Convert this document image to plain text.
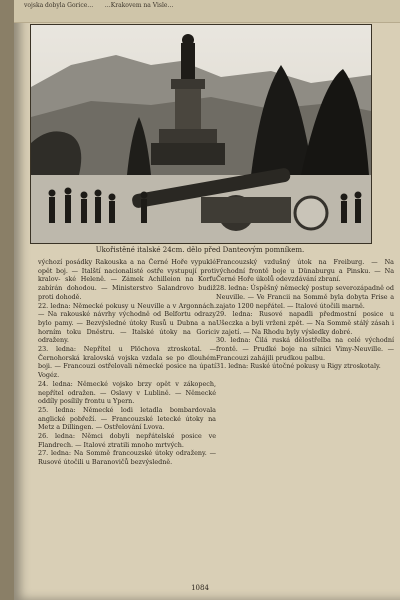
vojska dobyla Gorice… …Krakovem na Visle…
Ukořistěné italské 24cm. dělo před Danteovým pomníkem.

výchozí posádky Rakouska a na Černé Hoře vypuklé opět boj. — Italští nacionalisté ostře vystupují proti kralov- ské Heleně. — Zámek Achilleion na Korfu zabírán dohodou. — Ministerstvo Salandrovo budiž proti dohodě.

22. ledna: Německé pokusy u Neuville a v Argonnách. — Na rakouské návrhy východně od Belfortu odrazy bylo pamy. — Bezvýsledné útoky Rusů u Dubna a na horním toku Dněstru. — Italské útoky na Gorici odraženy.

23. ledna: Nepřítel u Plöchova ztroskotal. — Černohorská kralovská vojska vzdala se po dlouhém boji. — Francouzi ostřelovali německé posice na úpatí Vogéz.

24. ledna: Německé vojsko brzy opět v zákopech, nepřítel odražen. — Oslavy v Lublině. — Německé oddíly posílily frontu u Ypern.

25. ledna: Německé lodi letadla bombardovala anglické pobřeží. — Francouzské letecké útoky na Metz a Dillingen. — Ostřelování Lvova.

26. ledna: Němci dobyli nepřátelské posice ve Flandrech. — Italové ztratili mnoho mrtvých.

27. ledna: Na Sommě francouzské útoky odraženy. — Rusové útočili u Baranovičů bezvýsledně.

Francouzský vzdušný útok na Freiburg. — Na východní frontě boje u Dünaburgu a Pinsku. — Na Černé Hoře úkolů odevzdávání zbraní.

28. ledna: Úspěšný německý postup severozápadně od Neuville. — Ve Francii na Sommě byla dobyta Frise a zajato 1200 nepřátel. — Italové útočili marně.

29. ledna: Rusové napadli předmostní posice u Ušeczka a byli vrženi zpět. — Na Sommě stálý zásah i v zajetí. — Na Rhodu byly výsledky dobré.

30. ledna: Čilá ruská dělostřelba na celé východní frontě. — Prudké boje na silnici Vimy-Neuville. — Francouzi zahájili prudkou palbu.

31. ledna: Ruské útočné pokusy u Rigy ztroskotaly.

1084
